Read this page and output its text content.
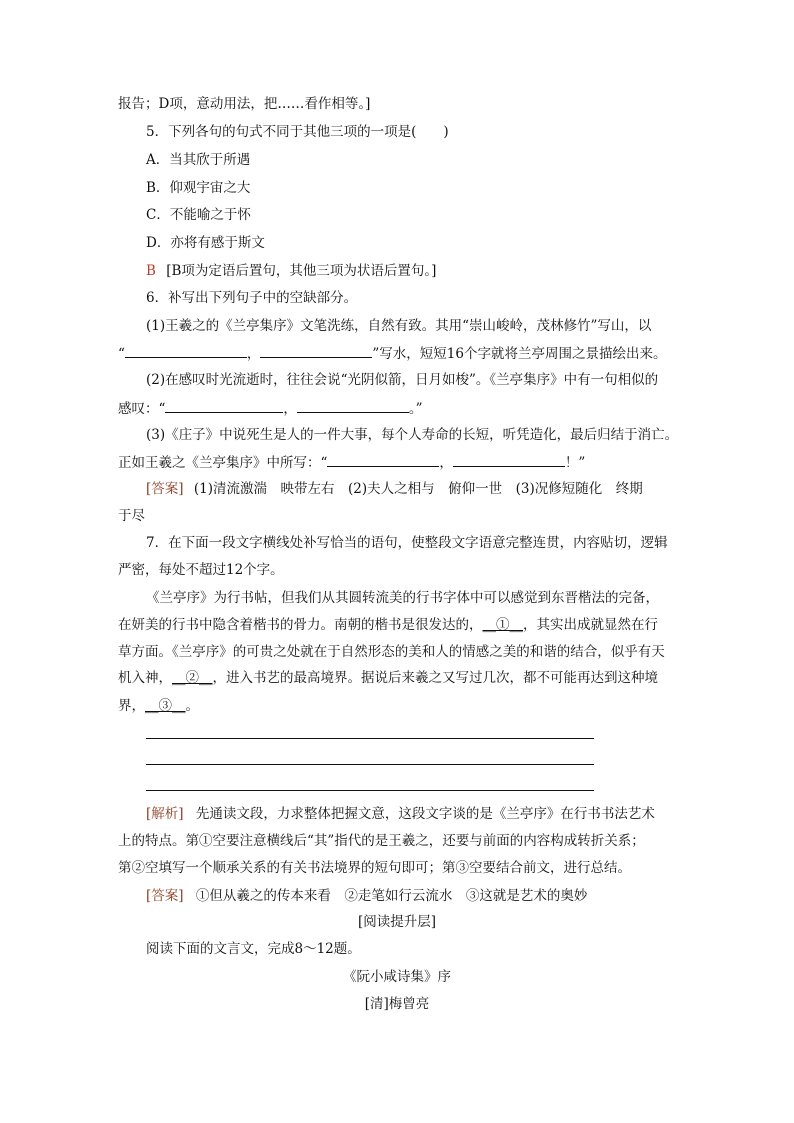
报告；D项，意动用法，把……看作相等。]
5．下列各句的句式不同于其他三项的一项是(　　)
A．当其欣于所遇
B．仰观宇宙之大
C．不能喻之于怀
D．亦将有感于斯文
B [B项为定语后置句，其他三项为状语后置句。]
6．补写出下列句子中的空缺部分。
(1)王羲之的《兰亭集序》文笔洗练，自然有致。其用“崇山峻岭，茂林修竹”写山，以
“	，	”写水，短短16个字就将兰亭周围之景描绘出来。
(2)在感叹时光流逝时，往往会说“光阴似箭，日月如梭”。《兰亭集序》中有一句相似的
感叹：“	，	。”
(3)《庄子》中说死生是人的一件大事，每个人寿命的长短，听凭造化，最后归结于消亡。
正如王羲之《兰亭集序》中所写：“	，	！”
[答案] (1)清流激湍　映带左右　(2)夫人之相与　俯仰一世　(3)况修短随化　终期
于尽
7．在下面一段文字横线处补写恰当的语句，使整段文字语意完整连贯，内容贴切，逻辑
严密，每处不超过12个字。
《兰亭序》为行书帖，但我们从其圆转流美的行书字体中可以感觉到东晋楷法的完备，
在妍美的行书中隐含着楷书的骨力。南朝的楷书是很发达的，__①__，其实出成就显然在行
草方面。《兰亭序》的可贵之处就在于自然形态的美和人的情感之美的和谐的结合，似乎有天
机入神，__②__，进入书艺的最高境界。据说后来羲之又写过几次，都不可能再达到这种境
界，__③__。
[解析] 先通读文段，力求整体把握文意，这段文字谈的是《兰亭序》在行书书法艺术
上的特点。第①空要注意横线后“其”指代的是王羲之，还要与前面的内容构成转折关系；
第②空填写一个顺承关系的有关书法境界的短句即可；第③空要结合前文，进行总结。
[答案] ①但从羲之的传本来看　②走笔如行云流水　③这就是艺术的奥妙
[阅读提升层]
阅读下面的文言文，完成8～12题。
《阮小咸诗集》序
[清]梅曾亮
